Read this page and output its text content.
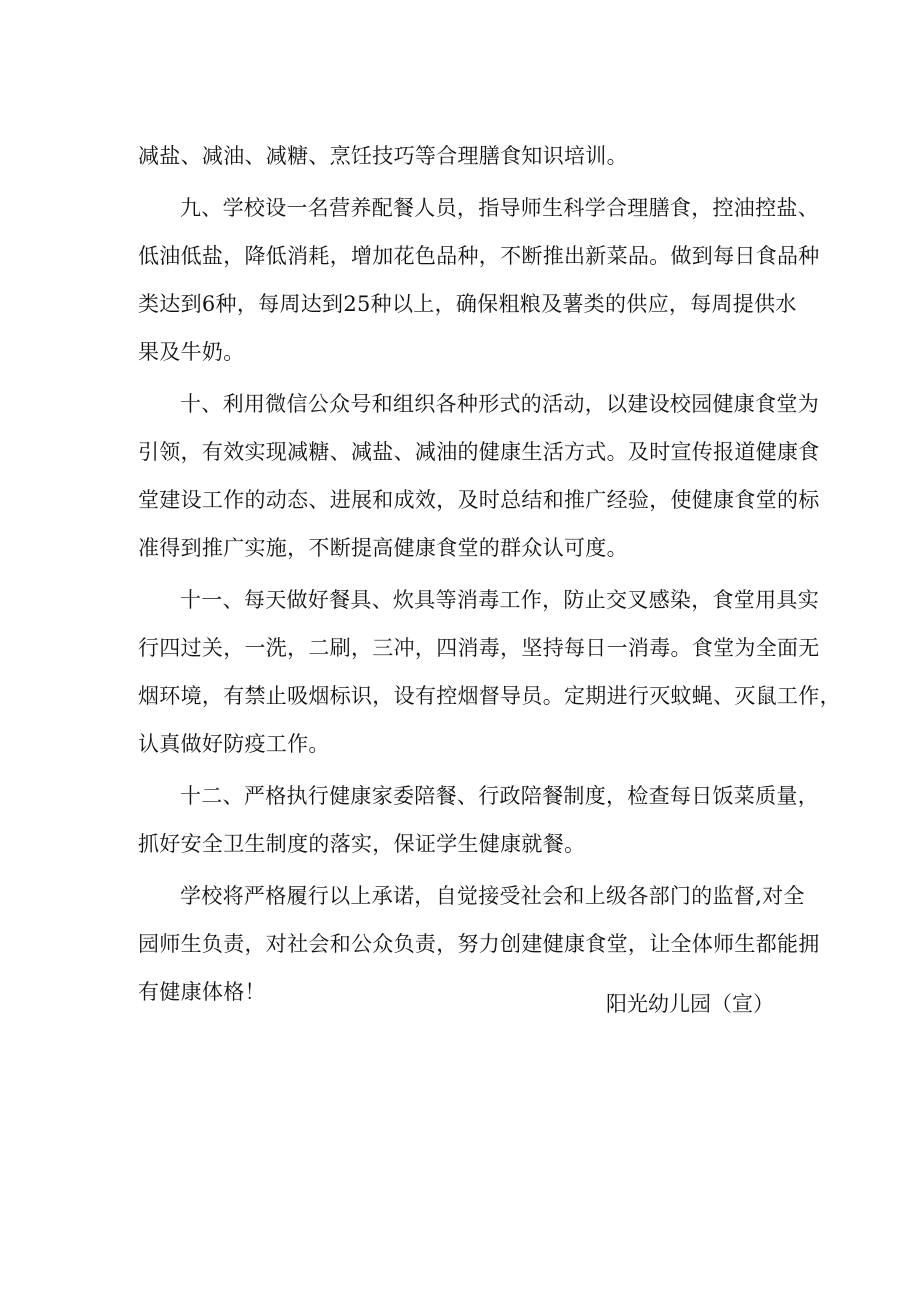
减盐、减油、减糖、烹饪技巧等合理膳食知识培训。
九、学校设一名营养配餐人员，指导师生科学合理膳食，控油控盐、
低油低盐，降低消耗，增加花色品种，不断推出新菜品。做到每日食品种
类达到6种，每周达到25种以上，确保粗粮及薯类的供应，每周提供水
果及牛奶。
十、利用微信公众号和组织各种形式的活动，以建设校园健康食堂为
引领，有效实现减糖、减盐、减油的健康生活方式。及时宣传报道健康食
堂建设工作的动态、进展和成效，及时总结和推广经验，使健康食堂的标
准得到推广实施，不断提高健康食堂的群众认可度。
十一、每天做好餐具、炊具等消毒工作，防止交叉感染，食堂用具实
行四过关，一洗，二刷，三冲，四消毒，坚持每日一消毒。食堂为全面无
烟环境，有禁止吸烟标识，设有控烟督导员。定期进行灭蚊蝇、灭鼠工作，
认真做好防疫工作。
十二、严格执行健康家委陪餐、行政陪餐制度，检查每日饭菜质量，
抓好安全卫生制度的落实，保证学生健康就餐。
学校将严格履行以上承诺，自觉接受社会和上级各部门的监督,对全
园师生负责，对社会和公众负责，努力创建健康食堂，让全体师生都能拥
有健康体格！	阳光幼儿园（宣）
